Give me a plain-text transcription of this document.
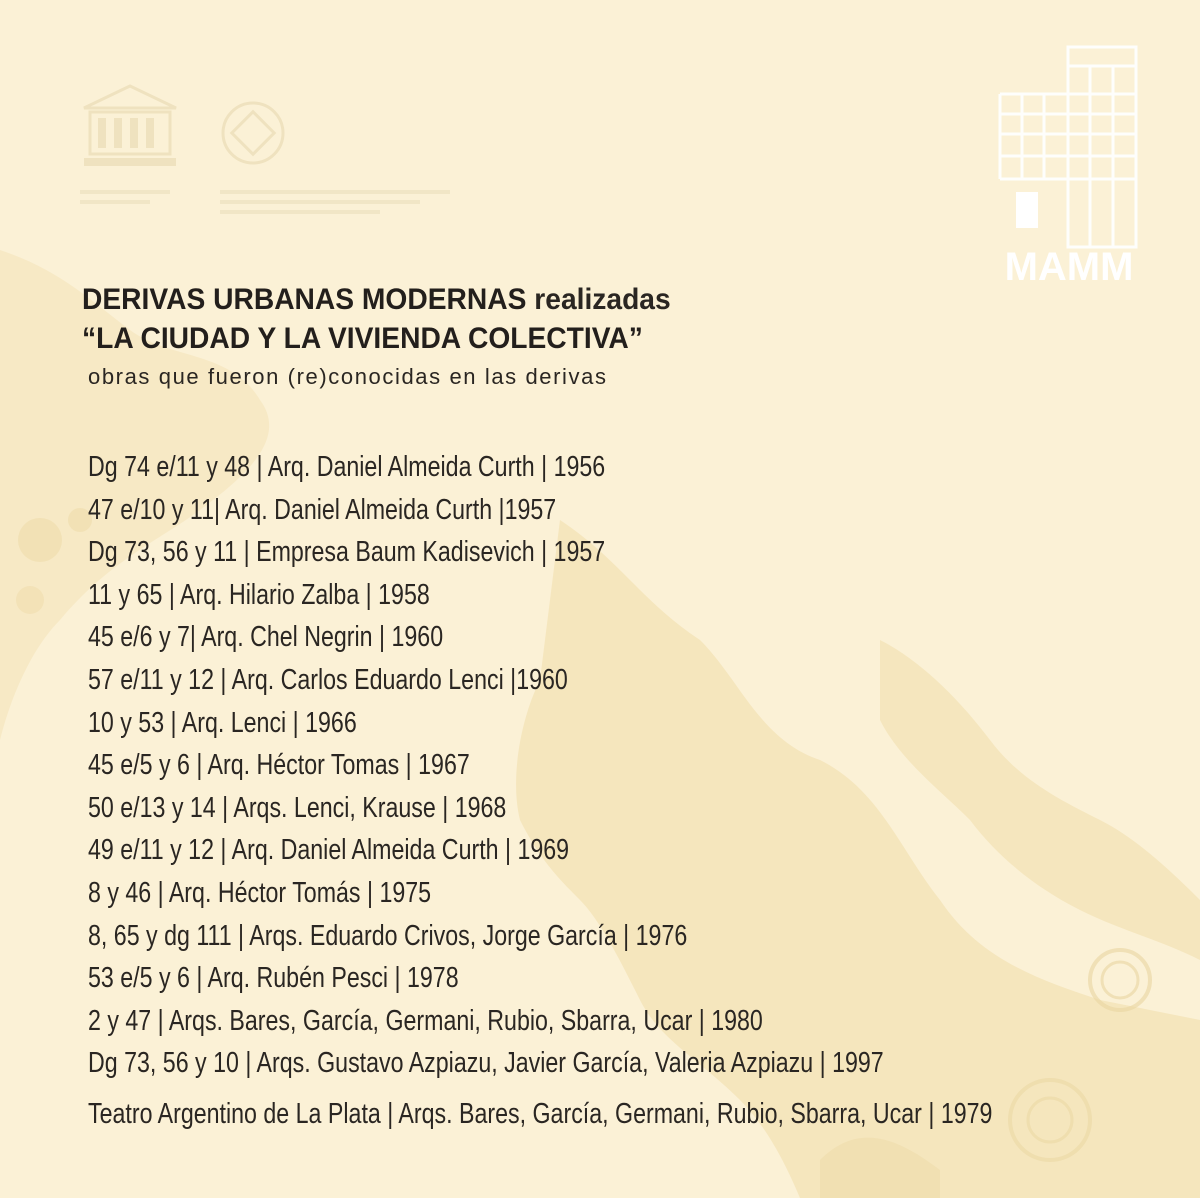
MAMM
DERIVAS URBANAS MODERNAS realizadas
“LA CIUDAD Y LA VIVIENDA COLECTIVA”
obras que fueron (re)conocidas en las derivas
Dg 74 e/11 y 48 | Arq. Daniel Almeida Curth | 1956
47 e/10 y 11| Arq. Daniel Almeida Curth |1957
Dg 73, 56 y 11 | Empresa Baum Kadisevich | 1957
11 y 65 | Arq. Hilario Zalba | 1958
45 e/6 y 7| Arq. Chel Negrin | 1960
57 e/11 y 12 | Arq. Carlos Eduardo Lenci |1960
10 y 53 | Arq. Lenci | 1966
45 e/5 y 6 | Arq. Héctor Tomas | 1967
50 e/13 y 14 | Arqs. Lenci, Krause | 1968
49 e/11 y 12 | Arq. Daniel Almeida Curth | 1969
8 y 46 | Arq. Héctor Tomás | 1975
8, 65 y dg 111 | Arqs. Eduardo Crivos, Jorge García | 1976
53 e/5 y 6 | Arq. Rubén Pesci | 1978
2 y 47 | Arqs. Bares, García, Germani, Rubio, Sbarra, Ucar | 1980
Dg 73, 56 y 10 | Arqs. Gustavo Azpiazu, Javier García, Valeria Azpiazu | 1997
Teatro Argentino de La Plata | Arqs. Bares, García, Germani, Rubio, Sbarra, Ucar | 1979
